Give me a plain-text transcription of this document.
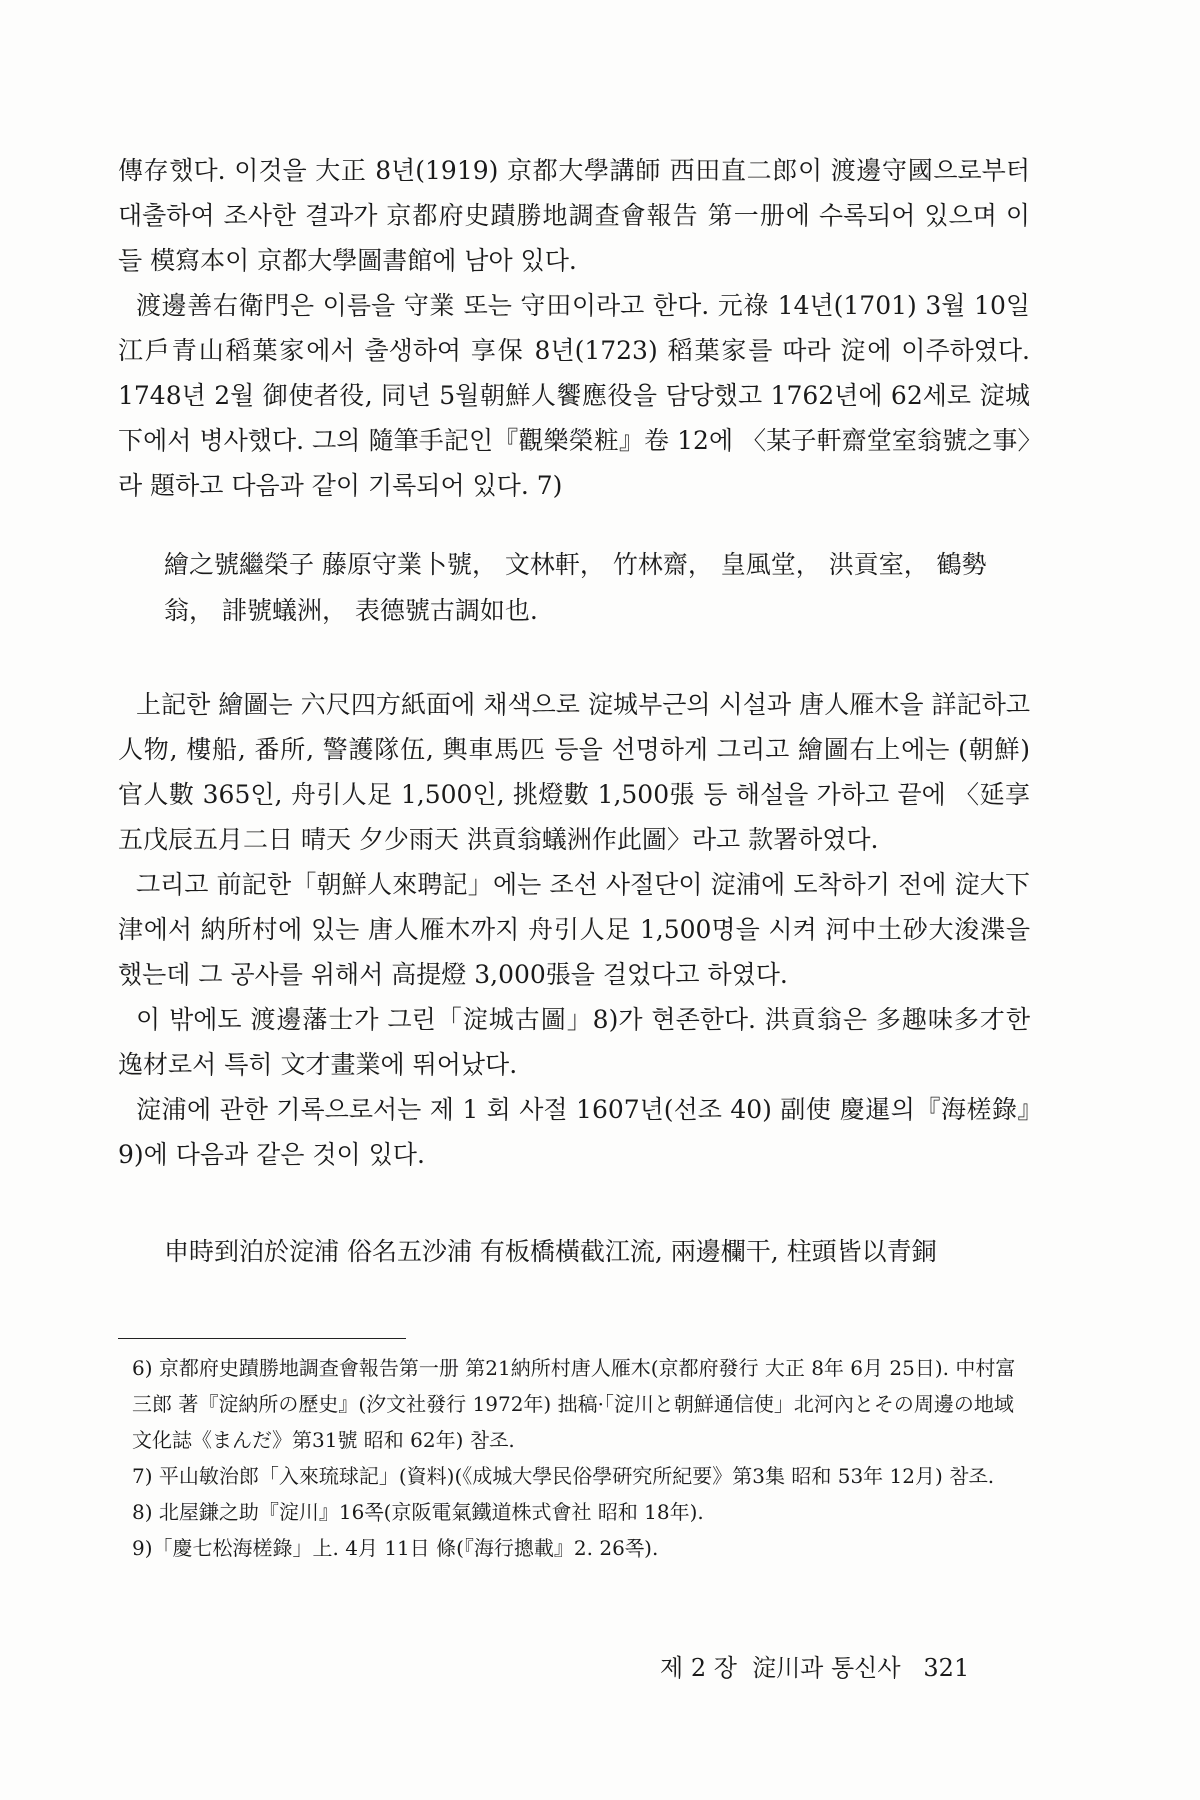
傳存했다. 이것을 大正 8년(1919) 京都大學講師 西田直二郎이 渡邊守國으로부터 대출하여 조사한 결과가 京都府史蹟勝地調查會報告 第一册에 수록되어 있으며 이들 模寫本이 京都大學圖書館에 남아 있다.

渡邊善右衛門은 이름을 守業 또는 守田이라고 한다. 元祿 14년(1701) 3월 10일 江戶青山稻葉家에서 출생하여 享保 8년(1723) 稻葉家를 따라 淀에 이주하였다. 1748년 2월 御使者役, 同년 5월朝鮮人饗應役을 담당했고 1762년에 62세로 淀城下에서 병사했다. 그의 隨筆手記인『觀樂榮粧』卷 12에 〈某子軒齋堂室翁號之事〉라 題하고 다음과 같이 기록되어 있다. 7)

繪之號繼榮子 藤原守業卜號， 文林軒， 竹林齋， 皇風堂， 洪貢室， 鶴勢翁， 誹號蟻洲， 表德號古調如也.

上記한 繪圖는 六尺四方紙面에 채색으로 淀城부근의 시설과 唐人雁木을 詳記하고 人物, 樓船, 番所, 警護隊伍, 輿車馬匹 등을 선명하게 그리고 繪圖右上에는 (朝鮮)官人數 365인, 舟引人足 1,500인, 挑燈數 1,500張 등 해설을 가하고 끝에 〈延享五戊辰五月二日 晴天 夕少雨天 洪貢翁蟻洲作此圖〉라고 款署하였다.

그리고 前記한「朝鮮人來聘記」에는 조선 사절단이 淀浦에 도착하기 전에 淀大下津에서 納所村에 있는 唐人雁木까지 舟引人足 1,500명을 시켜 河中土砂大浚渫을 했는데 그 공사를 위해서 高提燈 3,000張을 걸었다고 하였다.

이 밖에도 渡邊藩士가 그린「淀城古圖」8)가 현존한다. 洪貢翁은 多趣味多才한 逸材로서 특히 文才畫業에 뛰어났다.

淀浦에 관한 기록으로서는 제 1 회 사절 1607년(선조 40) 副使 慶暹의『海槎錄』9)에 다음과 같은 것이 있다.

申時到泊於淀浦 俗名五沙浦 有板橋橫截江流, 兩邊欄干, 柱頭皆以青銅

6) 京都府史蹟勝地調查會報告第一册 第21納所村唐人雁木(京都府發行 大正 8年 6月 25日). 中村富三郎 著『淀納所の歷史』(汐文社發行 1972年) 拙稿·「淀川と朝鮮通信使」北河內とその周邊の地域文化誌《まんだ》第31號 昭和 62年) 참조.

7) 平山敏治郎「入來琉球記」(資料)(《成城大學民俗學硏究所紀要》第3集 昭和 53年 12月) 참조.

8) 北屋鎌之助『淀川』16쪽(京阪電氣鐵道株式會社 昭和 18年).

9)「慶七松海槎錄」上. 4月 11日 條(『海行摠載』2. 26쪽).

제 2 장  淀川과 통신사   321
